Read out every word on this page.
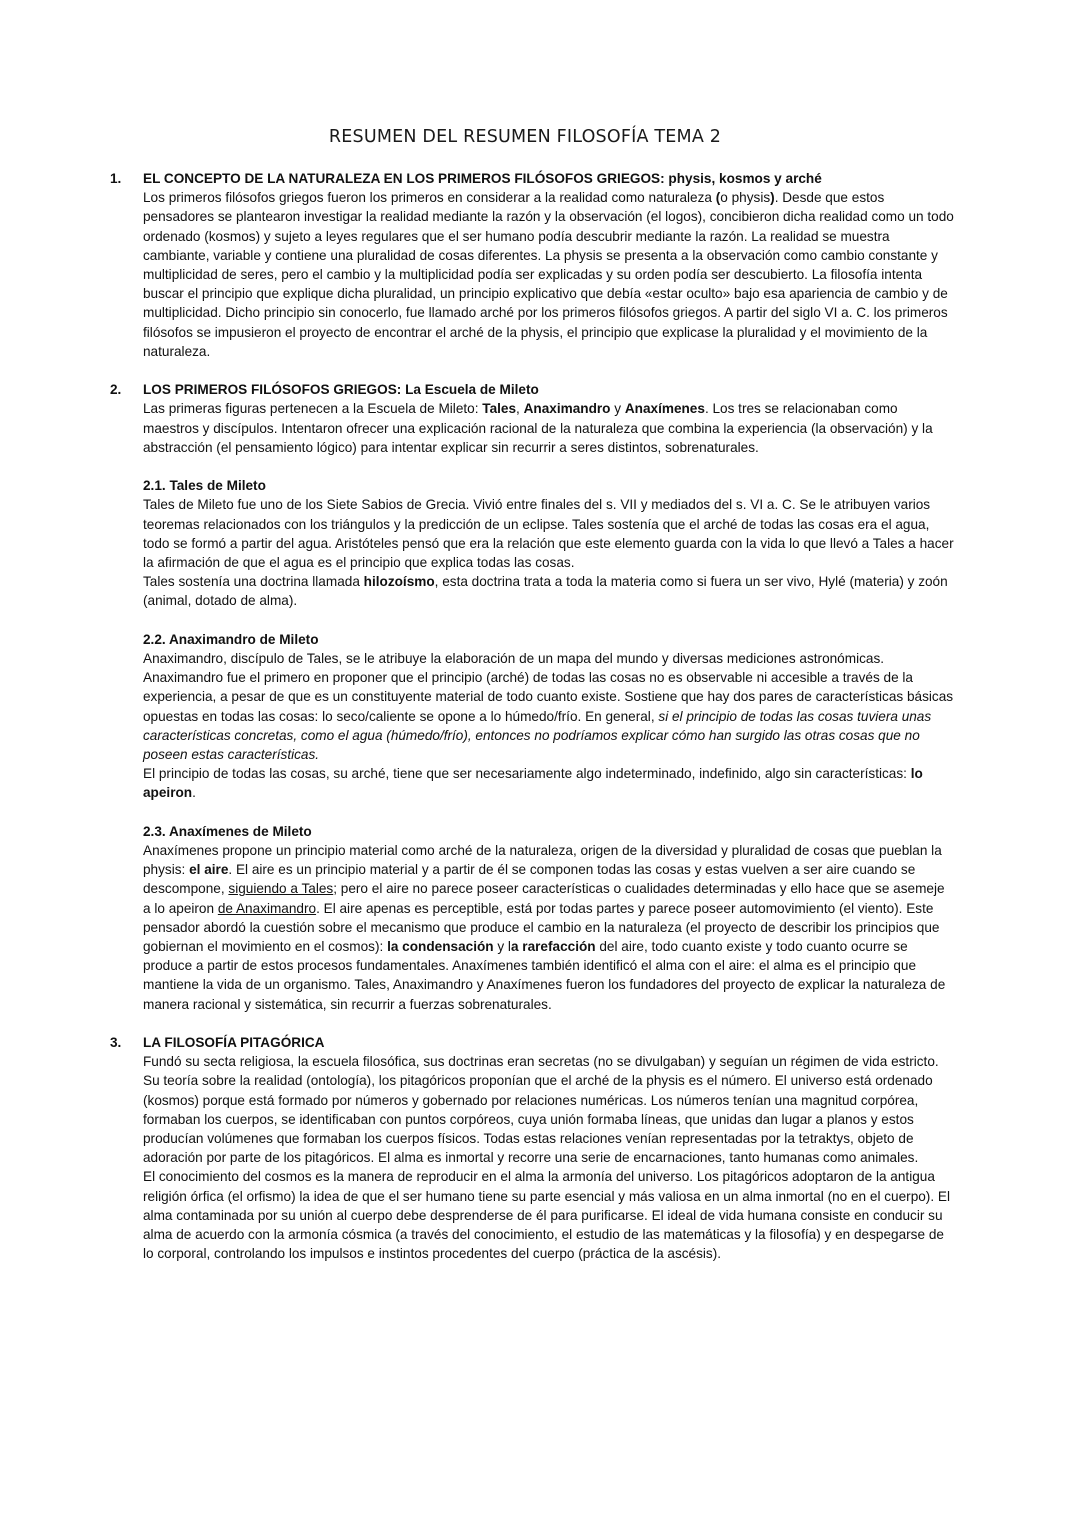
RESUMEN DEL RESUMEN FILOSOFÍA TEMA 2

1. EL CONCEPTO DE LA NATURALEZA EN LOS PRIMEROS FILÓSOFOS GRIEGOS: physis, kosmos y arché

Los primeros filósofos griegos fueron los primeros en considerar a la realidad como naturaleza (o physis). Desde que estos pensadores se plantearon investigar la realidad mediante la razón y la observación (el logos), concibieron dicha realidad como un todo ordenado (kosmos) y sujeto a leyes regulares que el ser humano podía descubrir mediante la razón. La realidad se muestra cambiante, variable y contiene una pluralidad de cosas diferentes. La physis se presenta a la observación como cambio constante y multiplicidad de seres, pero el cambio y la multiplicidad podía ser explicadas y su orden podía ser descubierto. La filosofía intenta buscar el principio que explique dicha pluralidad, un principio explicativo que debía «estar oculto» bajo esa apariencia de cambio y de multiplicidad. Dicho principio sin conocerlo, fue llamado arché por los primeros filósofos griegos. A partir del siglo VI a. C. los primeros filósofos se impusieron el proyecto de encontrar el arché de la physis, el principio que explicase la pluralidad y el movimiento de la naturaleza.

2. LOS PRIMEROS FILÓSOFOS GRIEGOS: La Escuela de Mileto

Las primeras figuras pertenecen a la Escuela de Mileto: Tales, Anaximandro y Anaxímenes. Los tres se relacionaban como maestros y discípulos. Intentaron ofrecer una explicación racional de la naturaleza que combina la experiencia (la observación) y la abstracción (el pensamiento lógico) para intentar explicar sin recurrir a seres distintos, sobrenaturales.

2.1. Tales de Mileto

Tales de Mileto fue uno de los Siete Sabios de Grecia. Vivió entre finales del s. VII y mediados del s. VI a. C. Se le atribuyen varios teoremas relacionados con los triángulos y la predicción de un eclipse. Tales sostenía que el arché de todas las cosas era el agua, todo se formó a partir del agua. Aristóteles pensó que era la relación que este elemento guarda con la vida lo que llevó a Tales a hacer la afirmación de que el agua es el principio que explica todas las cosas.

Tales sostenía una doctrina llamada hilozoísmo, esta doctrina trata a toda la materia como si fuera un ser vivo, Hylé (materia) y zoón (animal, dotado de alma).

2.2. Anaximandro de Mileto

Anaximandro, discípulo de Tales, se le atribuye la elaboración de un mapa del mundo y diversas mediciones astronómicas. Anaximandro fue el primero en proponer que el principio (arché) de todas las cosas no es observable ni accesible a través de la experiencia, a pesar de que es un constituyente material de todo cuanto existe. Sostiene que hay dos pares de características básicas opuestas en todas las cosas: lo seco/caliente se opone a lo húmedo/frío. En general, si el principio de todas las cosas tuviera unas características concretas, como el agua (húmedo/frío), entonces no podríamos explicar cómo han surgido las otras cosas que no poseen estas características.

El principio de todas las cosas, su arché, tiene que ser necesariamente algo indeterminado, indefinido, algo sin características: lo apeiron.

2.3. Anaxímenes de Mileto

Anaxímenes propone un principio material como arché de la naturaleza, origen de la diversidad y pluralidad de cosas que pueblan la physis: el aire. El aire es un principio material y a partir de él se componen todas las cosas y estas vuelven a ser aire cuando se descompone, siguiendo a Tales; pero el aire no parece poseer características o cualidades determinadas y ello hace que se asemeje a lo apeiron de Anaximandro. El aire apenas es perceptible, está por todas partes y parece poseer automovimiento (el viento). Este pensador abordó la cuestión sobre el mecanismo que produce el cambio en la naturaleza (el proyecto de describir los principios que gobiernan el movimiento en el cosmos): la condensación y la rarefacción del aire, todo cuanto existe y todo cuanto ocurre se produce a partir de estos procesos fundamentales. Anaxímenes también identificó el alma con el aire: el alma es el principio que mantiene la vida de un organismo. Tales, Anaximandro y Anaxímenes fueron los fundadores del proyecto de explicar la naturaleza de manera racional y sistemática, sin recurrir a fuerzas sobrenaturales.

3. LA FILOSOFÍA PITAGÓRICA

Fundó su secta religiosa, la escuela filosófica, sus doctrinas eran secretas (no se divulgaban) y seguían un régimen de vida estricto. Su teoría sobre la realidad (ontología), los pitagóricos proponían que el arché de la physis es el número. El universo está ordenado (kosmos) porque está formado por números y gobernado por relaciones numéricas. Los números tenían una magnitud corpórea, formaban los cuerpos, se identificaban con puntos corpóreos, cuya unión formaba líneas, que unidas dan lugar a planos y estos producían volúmenes que formaban los cuerpos físicos. Todas estas relaciones venían representadas por la tetraktys, objeto de adoración por parte de los pitagóricos. El alma es inmortal y recorre una serie de encarnaciones, tanto humanas como animales.

El conocimiento del cosmos es la manera de reproducir en el alma la armonía del universo. Los pitagóricos adoptaron de la antigua religión órfica (el orfismo) la idea de que el ser humano tiene su parte esencial y más valiosa en un alma inmortal (no en el cuerpo). El alma contaminada por su unión al cuerpo debe desprenderse de él para purificarse. El ideal de vida humana consiste en conducir su alma de acuerdo con la armonía cósmica (a través del conocimiento, el estudio de las matemáticas y la filosofía) y en despegarse de lo corporal, controlando los impulsos e instintos procedentes del cuerpo (práctica de la ascésis).
